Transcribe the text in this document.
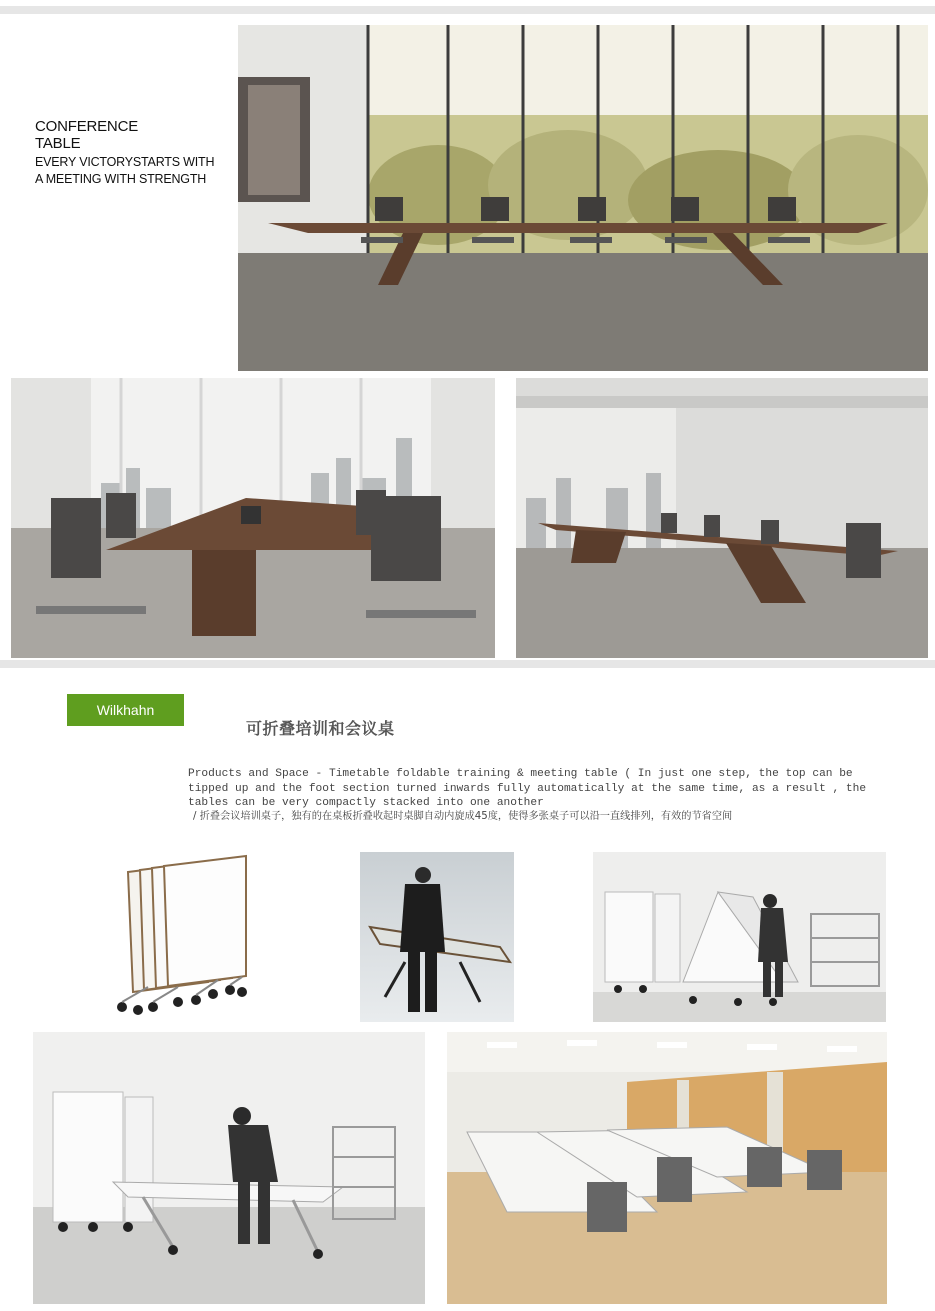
CONFERENCE
TABLE
EVERY VICTORYSTARTS WITH
A MEETING WITH STRENGTH
Wilkhahn
可折叠培训和会议桌
Products and Space - Timetable foldable training & meeting table ( In just one step, the top can be tipped up and the foot section turned inwards fully automatically at the same time, as a result , the tables can be very compactly stacked into one another
/ 折叠会议培训桌子，独有的在桌板折叠收起时桌脚自动内旋成45度，使得多张桌子可以沿一直线排列，有效的节省空间
